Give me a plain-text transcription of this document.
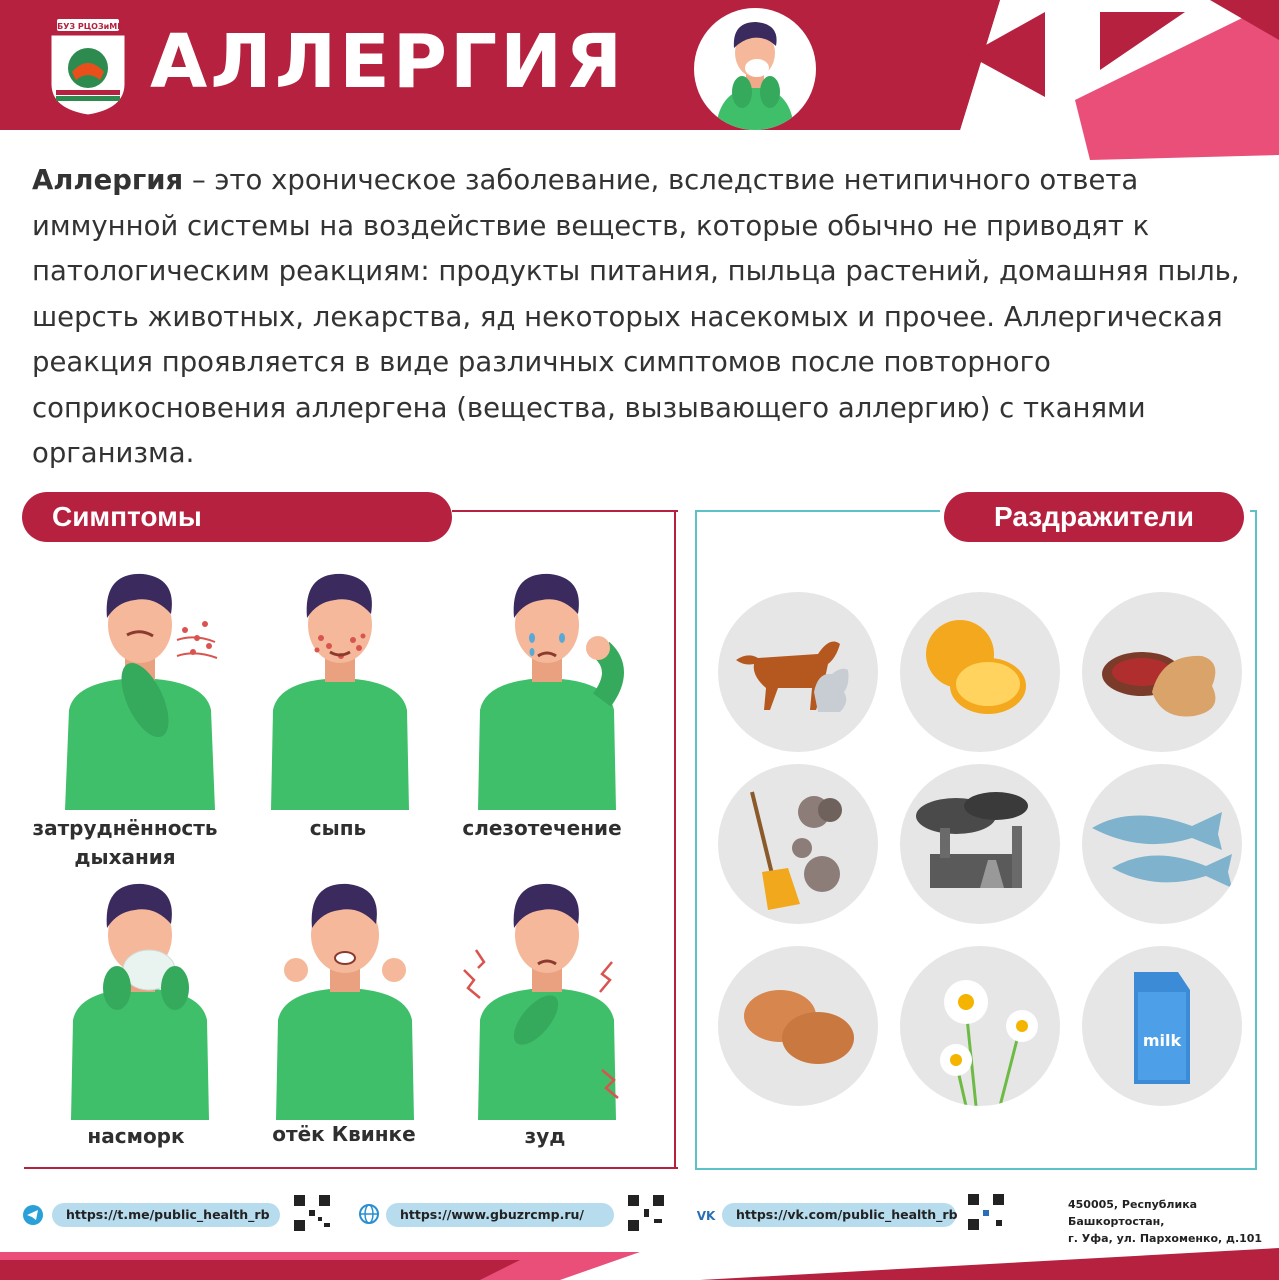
ГБУЗ РЦОЗиМП АЛЛЕРГИЯ
Аллергия – это хроническое заболевание, вследствие нетипичного ответа иммунной системы на воздействие веществ, которые обычно не приводят к патологическим реакциям: продукты питания, пыльца растений, домашняя пыль, шерсть животных, лекарства, яд некоторых насекомых и прочее. Аллергическая реакция проявляется в виде различных симптомов после повторного соприкосновения аллергена (вещества, вызывающего аллергию) с тканями организма.
Симптомы	Раздражители
затруднённость дыхания
сыпь	слезотечение
насморк	отёк Квинке	зуд
milk
https://t.me/public_health_rb	https://www.gbuzrcmp.ru/	VK	https://vk.com/public_health_rb
450005, Республика Башкортостан,
г. Уфа, ул. Пархоменко, д.101
